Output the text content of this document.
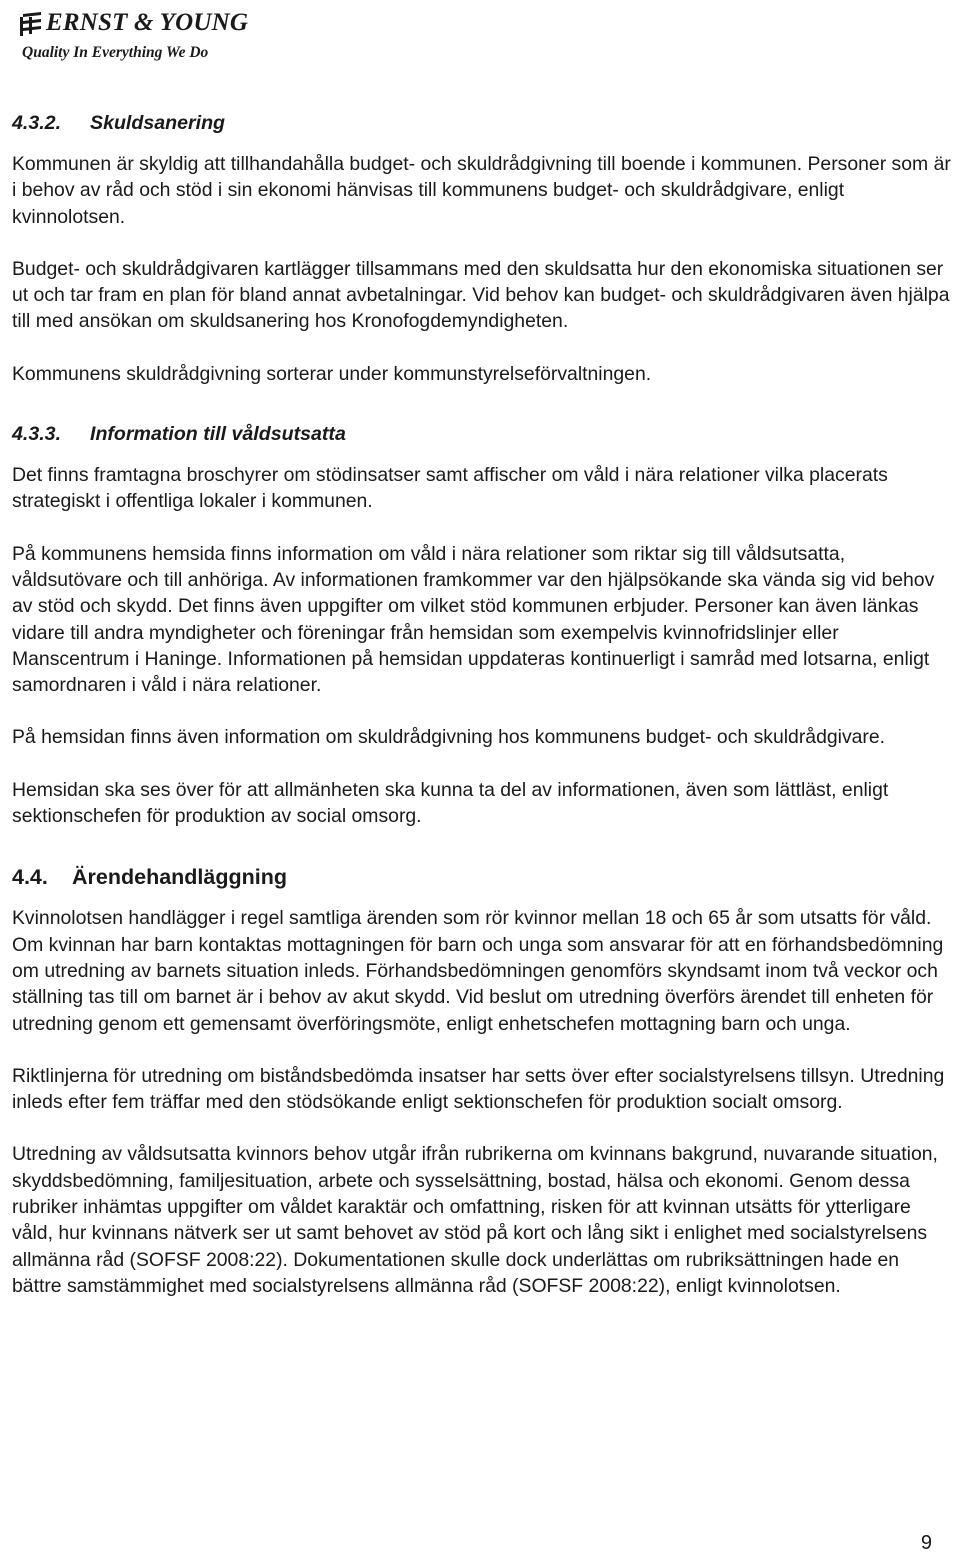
ERNST & YOUNG
Quality In Everything We Do
4.3.2. Skuldsanering

Kommunen är skyldig att tillhandahålla budget- och skuldrådgivning till boende i kommunen. Personer som är i behov av råd och stöd i sin ekonomi hänvisas till kommunens budget- och skuldrådgivare, enligt kvinnolotsen.

Budget- och skuldrådgivaren kartlägger tillsammans med den skuldsatta hur den ekonomiska situationen ser ut och tar fram en plan för bland annat avbetalningar. Vid behov kan budget- och skuldrådgivaren även hjälpa till med ansökan om skuldsanering hos Kronofogdemyndigheten.

Kommunens skuldrådgivning sorterar under kommunstyrelseförvaltningen.

4.3.3. Information till våldsutsatta

Det finns framtagna broschyrer om stödinsatser samt affischer om våld i nära relationer vilka placerats strategiskt i offentliga lokaler i kommunen.

På kommunens hemsida finns information om våld i nära relationer som riktar sig till våldsutsatta, våldsutövare och till anhöriga. Av informationen framkommer var den hjälpsökande ska vända sig vid behov av stöd och skydd. Det finns även uppgifter om vilket stöd kommunen erbjuder. Personer kan även länkas vidare till andra myndigheter och föreningar från hemsidan som exempelvis kvinnofridslinjer eller Manscentrum i Haninge. Informationen på hemsidan uppdateras kontinuerligt i samråd med lotsarna, enligt samordnaren i våld i nära relationer.

På hemsidan finns även information om skuldrådgivning hos kommunens budget- och skuldrådgivare.

Hemsidan ska ses över för att allmänheten ska kunna ta del av informationen, även som lättläst, enligt sektionschefen för produktion av social omsorg.

4.4. Ärendehandläggning

Kvinnolotsen handlägger i regel samtliga ärenden som rör kvinnor mellan 18 och 65 år som utsatts för våld. Om kvinnan har barn kontaktas mottagningen för barn och unga som ansvarar för att en förhandsbedömning om utredning av barnets situation inleds. Förhandsbedömningen genomförs skyndsamt inom två veckor och ställning tas till om barnet är i behov av akut skydd. Vid beslut om utredning överförs ärendet till enheten för utredning genom ett gemensamt överföringsmöte, enligt enhetschefen mottagning barn och unga.

Riktlinjerna för utredning om biståndsbedömda insatser har setts över efter socialstyrelsens tillsyn. Utredning inleds efter fem träffar med den stödsökande enligt sektionschefen för produktion socialt omsorg.

Utredning av våldsutsatta kvinnors behov utgår ifrån rubrikerna om kvinnans bakgrund, nuvarande situation, skyddsbedömning, familjesituation, arbete och sysselsättning, bostad, hälsa och ekonomi. Genom dessa rubriker inhämtas uppgifter om våldet karaktär och omfattning, risken för att kvinnan utsätts för ytterligare våld, hur kvinnans nätverk ser ut samt behovet av stöd på kort och lång sikt i enlighet med socialstyrelsens allmänna råd (SOFSF 2008:22). Dokumentationen skulle dock underlättas om rubriksättningen hade en bättre samstämmighet med socialstyrelsens allmänna råd (SOFSF 2008:22), enligt kvinnolotsen.

9
